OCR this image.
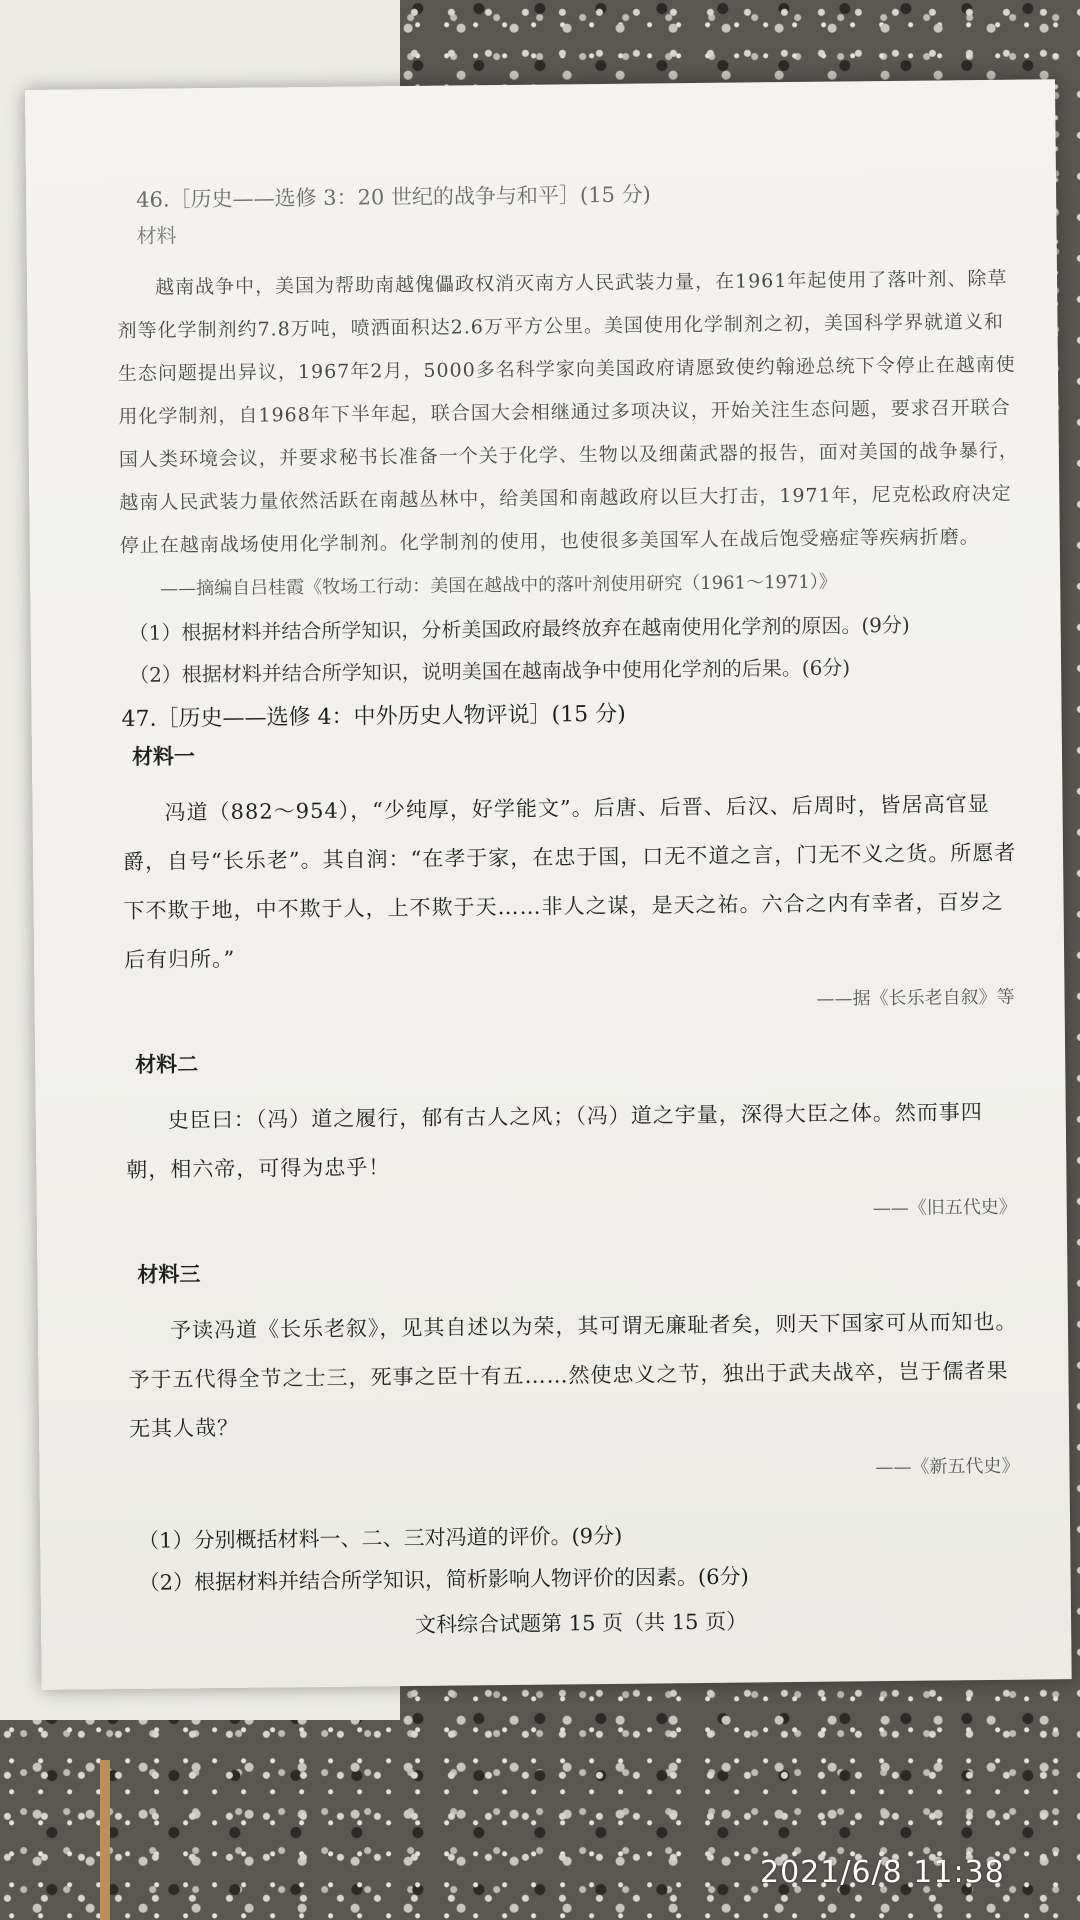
46.［历史——选修 3：20 世纪的战争与和平］(15 分)
材料

越南战争中，美国为帮助南越傀儡政权消灭南方人民武装力量，在1961年起使用了落叶剂、除草剂等化学制剂约7.8万吨，喷洒面积达2.6万平方公里。美国使用化学制剂之初，美国科学界就道义和生态问题提出异议，1967年2月，5000多名科学家向美国政府请愿致使约翰逊总统下令停止在越南使用化学制剂，自1968年下半年起，联合国大会相继通过多项决议，开始关注生态问题，要求召开联合国人类环境会议，并要求秘书长准备一个关于化学、生物以及细菌武器的报告，面对美国的战争暴行，越南人民武装力量依然活跃在南越丛林中，给美国和南越政府以巨大打击，1971年，尼克松政府决定停止在越南战场使用化学制剂。化学制剂的使用，也使很多美国军人在战后饱受癌症等疾病折磨。

——摘编自吕桂霞《牧场工行动：美国在越战中的落叶剂使用研究（1961～1971）》
（1）根据材料并结合所学知识，分析美国政府最终放弃在越南使用化学剂的原因。(9分)
（2）根据材料并结合所学知识，说明美国在越南战争中使用化学剂的后果。(6分)
47.［历史——选修 4：中外历史人物评说］(15 分)
材料一

冯道（882～954），“少纯厚，好学能文”。后唐、后晋、后汉、后周时，皆居高官显爵，自号“长乐老”。其自润：“在孝于家，在忠于国，口无不道之言，门无不义之货。所愿者下不欺于地，中不欺于人，上不欺于天……非人之谋，是天之祐。六合之内有幸者，百岁之后有归所。”

——据《长乐老自叙》等
材料二

史臣曰：（冯）道之履行，郁有古人之风；（冯）道之宇量，深得大臣之体。然而事四朝，相六帝，可得为忠乎！

——《旧五代史》
材料三

予读冯道《长乐老叙》，见其自述以为荣，其可谓无廉耻者矣，则天下国家可从而知也。予于五代得全节之士三，死事之臣十有五……然使忠义之节，独出于武夫战卒，岂于儒者果无其人哉？

——《新五代史》
（1）分别概括材料一、二、三对冯道的评价。(9分)
（2）根据材料并结合所学知识，简析影响人物评价的因素。(6分)
文科综合试题第 15 页（共 15 页）
2021/6/8 11:38
